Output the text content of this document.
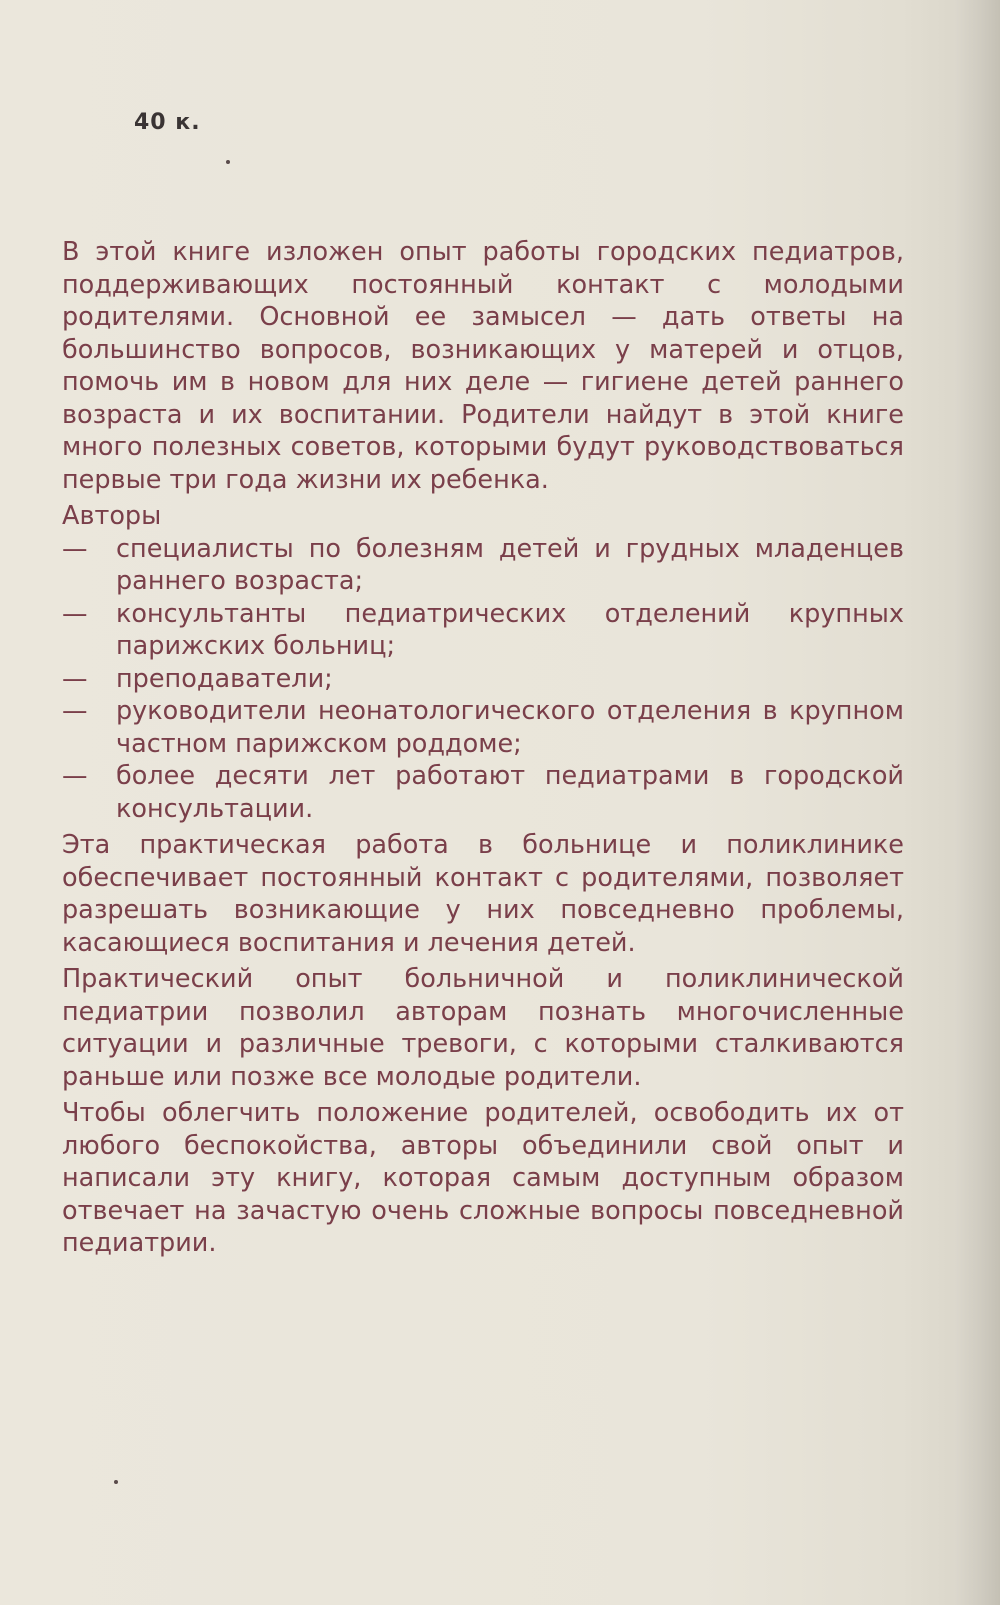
40 к.

В этой книге изложен опыт работы городских педиатров, поддерживающих постоянный контакт с молодыми родителями. Основной ее замысел — дать ответы на большинство вопросов, возникающих у матерей и отцов, помочь им в новом для них деле — гигиене детей раннего возраста и их воспитании. Родители найдут в этой книге много полезных советов, которыми будут руководствоваться первые три года жизни их ребенка.

Авторы

— специалисты по болезням детей и грудных младенцев раннего возраста;
— консультанты педиатрических отделений крупных парижских больниц;
— преподаватели;
— руководители неонатологического отделения в крупном частном парижском роддоме;
— более десяти лет работают педиатрами в городской консультации.

Эта практическая работа в больнице и поликлинике обеспечивает постоянный контакт с родителями, позволяет разрешать возникающие у них повседневно проблемы, касающиеся воспитания и лечения детей.

Практический опыт больничной и поликлинической педиатрии позволил авторам познать многочисленные ситуации и различные тревоги, с которыми сталкиваются раньше или позже все молодые родители.

Чтобы облегчить положение родителей, освободить их от любого беспокойства, авторы объединили свой опыт и написали эту книгу, которая самым доступным образом отвечает на зачастую очень сложные вопросы повседневной педиатрии.
